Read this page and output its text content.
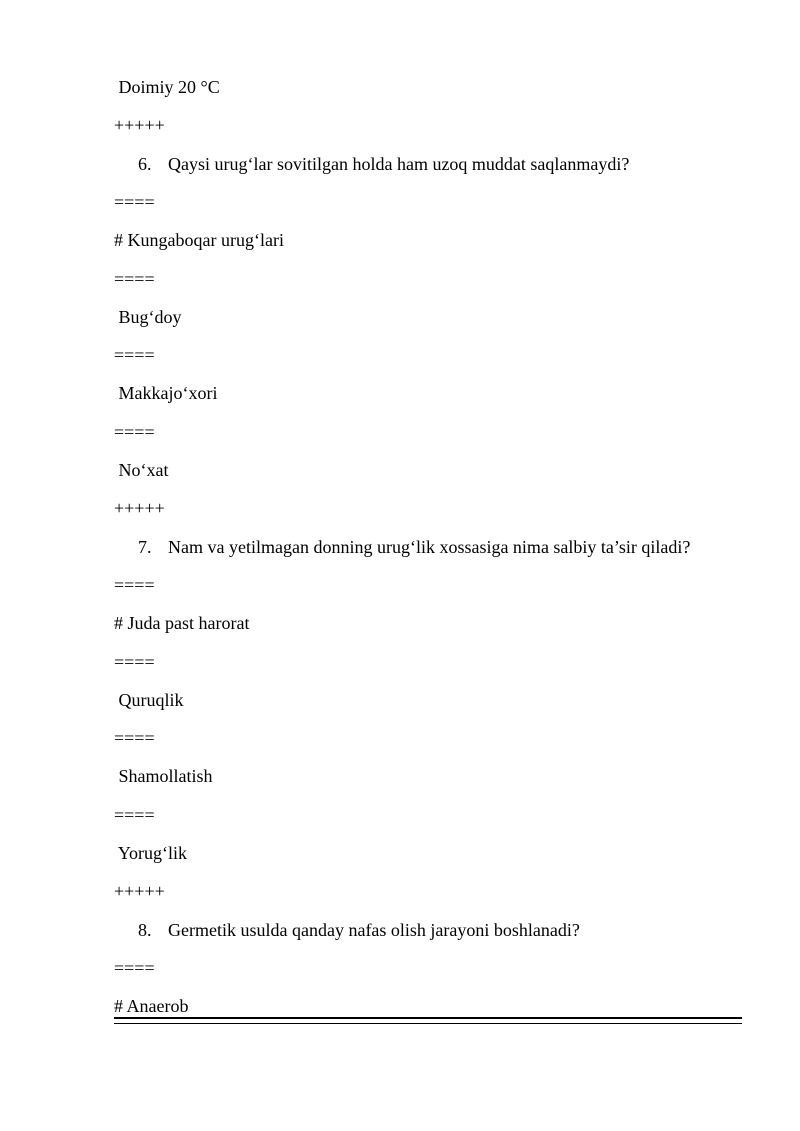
Doimiy 20 °C
+++++
6. Qaysi urug‘lar sovitilgan holda ham uzoq muddat saqlanmaydi?
====
# Kungaboqar urug‘lari
====
Bug‘doy
====
Makkajo‘xori
====
No‘xat
+++++
7. Nam va yetilmagan donning urug‘lik xossasiga nima salbiy ta’sir qiladi?
====
# Juda past harorat
====
Quruqlik
====
Shamollatish
====
Yorug‘lik
+++++
8. Germetik usulda qanday nafas olish jarayoni boshlanadi?
====
# Anaerob
